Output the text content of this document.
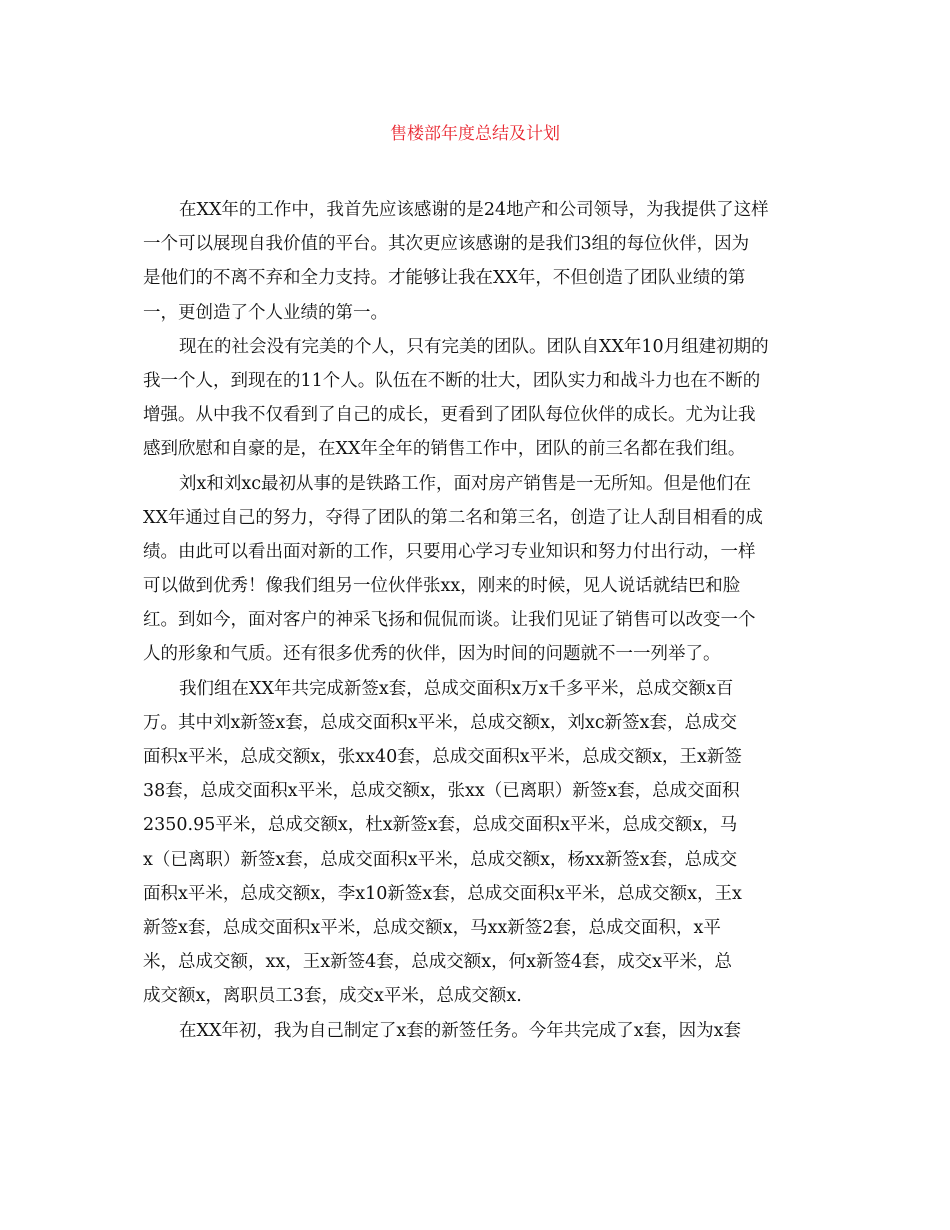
售楼部年度总结及计划
在XX年的工作中，我首先应该感谢的是24地产和公司领导，为我提供了这样
一个可以展现自我价值的平台。其次更应该感谢的是我们3组的每位伙伴，因为
是他们的不离不弃和全力支持。才能够让我在XX年，不但创造了团队业绩的第
一，更创造了个人业绩的第一。
现在的社会没有完美的个人，只有完美的团队。团队自XX年10月组建初期的
我一个人，到现在的11个人。队伍在不断的壮大，团队实力和战斗力也在不断的
增强。从中我不仅看到了自己的成长，更看到了团队每位伙伴的成长。尤为让我
感到欣慰和自豪的是，在XX年全年的销售工作中，团队的前三名都在我们组。
刘x和刘xc最初从事的是铁路工作，面对房产销售是一无所知。但是他们在
XX年通过自己的努力，夺得了团队的第二名和第三名，创造了让人刮目相看的成
绩。由此可以看出面对新的工作，只要用心学习专业知识和努力付出行动，一样
可以做到优秀！像我们组另一位伙伴张xx，刚来的时候，见人说话就结巴和脸
红。到如今，面对客户的神采飞扬和侃侃而谈。让我们见证了销售可以改变一个
人的形象和气质。还有很多优秀的伙伴，因为时间的问题就不一一列举了。
我们组在XX年共完成新签x套，总成交面积x万x千多平米，总成交额x百
万。其中刘x新签x套，总成交面积x平米，总成交额x，刘xc新签x套，总成交
面积x平米，总成交额x，张xx40套，总成交面积x平米，总成交额x，王x新签
38套，总成交面积x平米，总成交额x，张xx（已离职）新签x套，总成交面积
2350.95平米，总成交额x，杜x新签x套，总成交面积x平米，总成交额x，马
x（已离职）新签x套，总成交面积x平米，总成交额x，杨xx新签x套，总成交
面积x平米，总成交额x，李x10新签x套，总成交面积x平米，总成交额x，王x
新签x套，总成交面积x平米，总成交额x，马xx新签2套，总成交面积，x平
米，总成交额，xx，王x新签4套，总成交额x，何x新签4套，成交x平米，总
成交额x，离职员工3套，成交x平米，总成交额x.
在XX年初，我为自己制定了x套的新签任务。今年共完成了x套，因为x套
